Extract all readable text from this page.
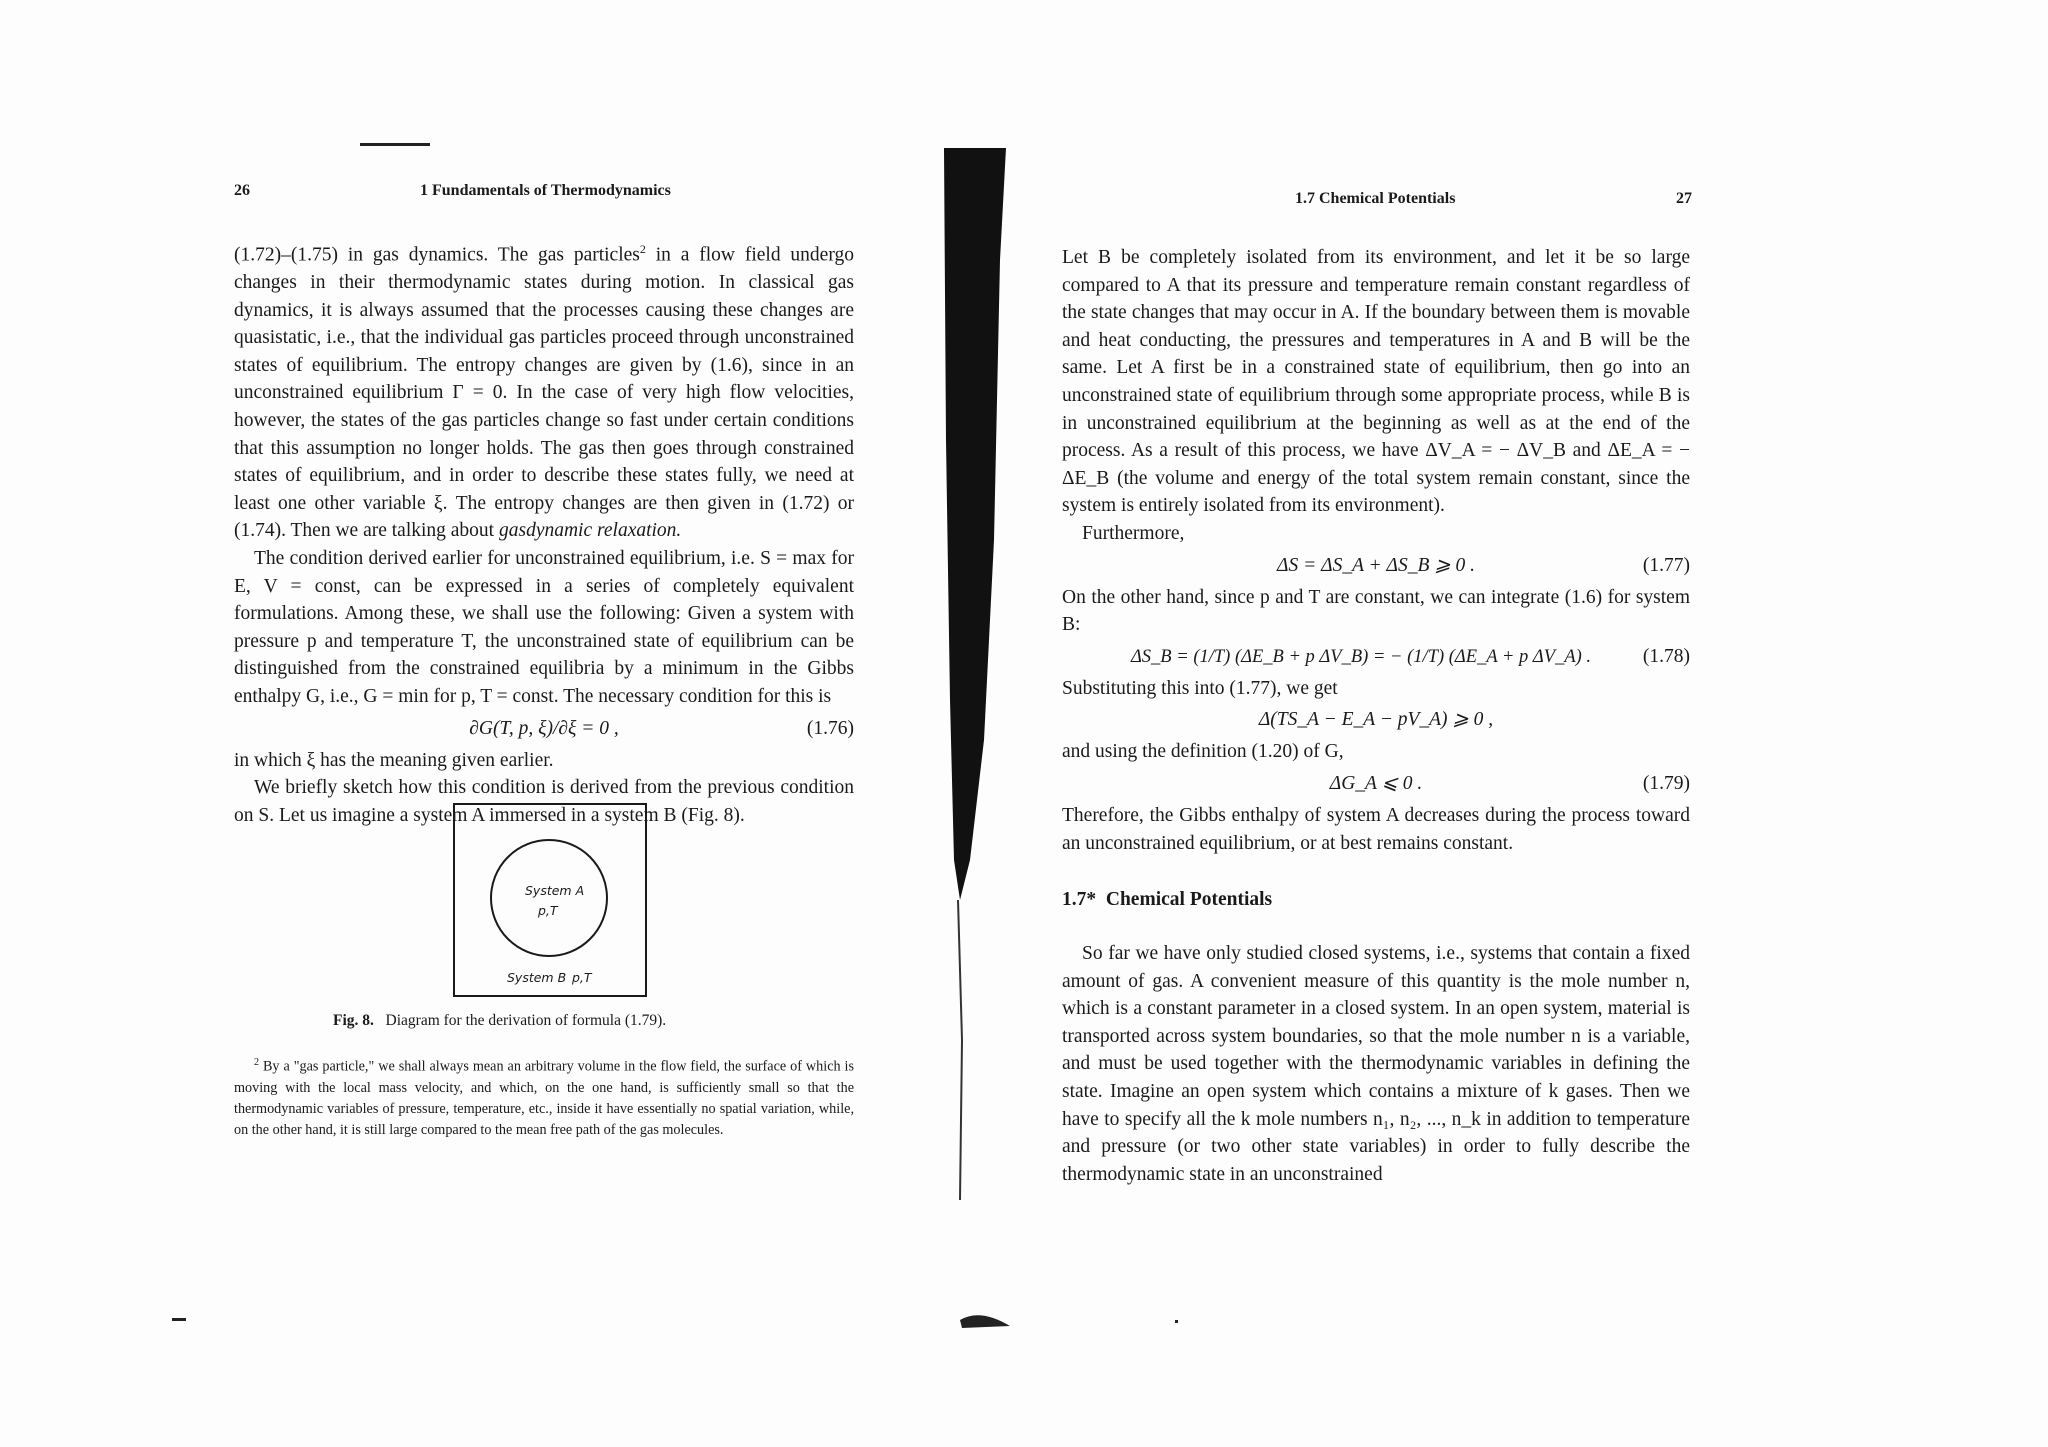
26	1 Fundamentals of Thermodynamics

(1.72)–(1.75) in gas dynamics. The gas particles$^2$ in a flow field undergo changes in their thermodynamic states during motion. In classical gas dynamics, it is always assumed that the processes causing these changes are quasistatic, i.e., that the individual gas particles proceed through unconstrained states of equilibrium. The entropy changes are given by (1.6), since in an unconstrained equilibrium Γ = 0. In the case of very high flow velocities, however, the states of the gas particles change so fast under certain conditions that this assumption no longer holds. The gas then goes through constrained states of equilibrium, and in order to describe these states fully, we need at least one other variable ξ. The entropy changes are then given in (1.72) or (1.74). Then we are talking about gasdynamic relaxation.

The condition derived earlier for unconstrained equilibrium, i.e. S = max for E, V = const, can be expressed in a series of completely equivalent formulations. Among these, we shall use the following: Given a system with pressure p and temperature T, the unconstrained state of equilibrium can be distinguished from the constrained equilibria by a minimum in the Gibbs enthalpy G, i.e., G = min for p, T = const. The necessary condition for this is

∂G(T, p, ξ)/∂ξ = 0 ,	(1.76)

in which ξ has the meaning given earlier.

We briefly sketch how this condition is derived from the previous condition on S. Let us imagine a system A immersed in a system B (Fig. 8).

System A
p,T
System B p,T
Fig. 8. Diagram for the derivation of formula (1.79).
$^2$ By a "gas particle," we shall always mean an arbitrary volume in the flow field, the surface of which is moving with the local mass velocity, and which, on the one hand, is sufficiently small so that the thermodynamic variables of pressure, temperature, etc., inside it have essentially no spatial variation, while, on the other hand, it is still large compared to the mean free path of the gas molecules.
1.7 Chemical Potentials	27

Let B be completely isolated from its environment, and let it be so large compared to A that its pressure and temperature remain constant regardless of the state changes that may occur in A. If the boundary between them is movable and heat conducting, the pressures and temperatures in A and B will be the same. Let A first be in a constrained state of equilibrium, then go into an unconstrained state of equilibrium through some appropriate process, while B is in unconstrained equilibrium at the beginning as well as at the end of the process. As a result of this process, we have ΔV_A = − ΔV_B and ΔE_A = − ΔE_B (the volume and energy of the total system remain constant, since the system is entirely isolated from its environment).

Furthermore,

ΔS = ΔS_A + ΔS_B ⩾ 0 .	(1.77)

On the other hand, since p and T are constant, we can integrate (1.6) for system B:

ΔS_B = (1/T) (ΔE_B + p ΔV_B) = − (1/T) (ΔE_A + p ΔV_A) .	(1.78)

Substituting this into (1.77), we get

Δ(TS_A − E_A − pV_A) ⩾ 0 ,

and using the definition (1.20) of G,

ΔG_A ⩽ 0 .	(1.79)

Therefore, the Gibbs enthalpy of system A decreases during the process toward an unconstrained equilibrium, or at best remains constant.

1.7* Chemical Potentials

So far we have only studied closed systems, i.e., systems that contain a fixed amount of gas. A convenient measure of this quantity is the mole number n, which is a constant parameter in a closed system. In an open system, material is transported across system boundaries, so that the mole number n is a variable, and must be used together with the thermodynamic variables in defining the state. Imagine an open system which contains a mixture of k gases. Then we have to specify all the k mole numbers n₁, n₂, ..., n_k in addition to temperature and pressure (or two other state variables) in order to fully describe the thermodynamic state in an unconstrained
